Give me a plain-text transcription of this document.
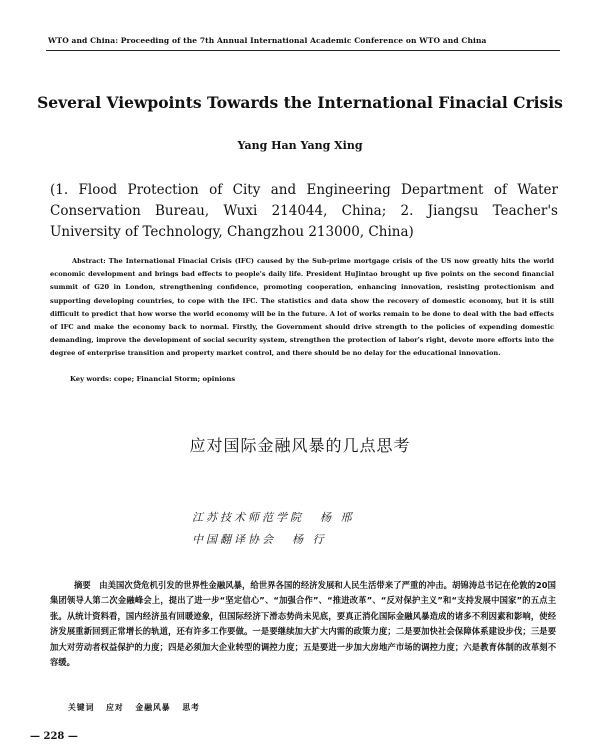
WTO and China: Proceeding of the 7th Annual International Academic Conference on WTO and China
Several Viewpoints Towards the International Finacial Crisis
Yang Han Yang Xing
(1. Flood Protection of City and Engineering Department of Water Conservation Bureau, Wuxi 214044, China; 2. Jiangsu Teacher's University of Technology, Changzhou 213000, China)
Abstract: The International Finacial Crisis (IFC) caused by the Sub-prime mortgage crisis of the US now greatly hits the world economic development and brings bad effects to people's daily life. President HuJintao brought up five points on the second financial summit of G20 in London, strengthening confidence, promoting cooperation, enhancing innovation, resisting protectionism and supporting developing countries, to cope with the IFC. The statistics and data show the recovery of domestic economy, but it is still difficult to predict that how worse the world economy will be in the future. A lot of works remain to be done to deal with the bad effects of IFC and make the economy back to normal. Firstly, the Government should drive strength to the policies of expending domestic demanding, improve the development of social security system, strengthen the protection of labor's right, devote more efforts into the degree of enterprise transition and property market control, and there should be no delay for the educational innovation.
Key words: cope; Financial Storm; opinions
应对国际金融风暴的几点思考
江苏技术师范学院 杨 邢
中国翻译协会 杨 行
摘要　 由美国次贷危机引发的世界性金融风暴，给世界各国的经济发展和人民生活带来了严重的冲击。胡锦涛总书记在伦敦的20国集团领导人第二次金融峰会上，提出了进一步“坚定信心”、“加强合作”、“推进改革”、“反对保护主义”和“支持发展中国家”的五点主张。从统计资料看，国内经济虽有回暖迹象，但国际经济下滑态势尚未见底，要真正消化国际金融风暴造成的诸多不利因素和影响，使经济发展重新回到正常增长的轨道，还有许多工作要做。一是要继续加大扩大内需的政策力度；二是要加快社会保障体系建设步伐；三是要加大对劳动者权益保护的力度；四是必须加大企业转型的调控力度；五是要进一步加大房地产市场的调控力度；六是教育体制的改革刻不容缓。
关键词 应对 金融风暴 思考
— 228 —
